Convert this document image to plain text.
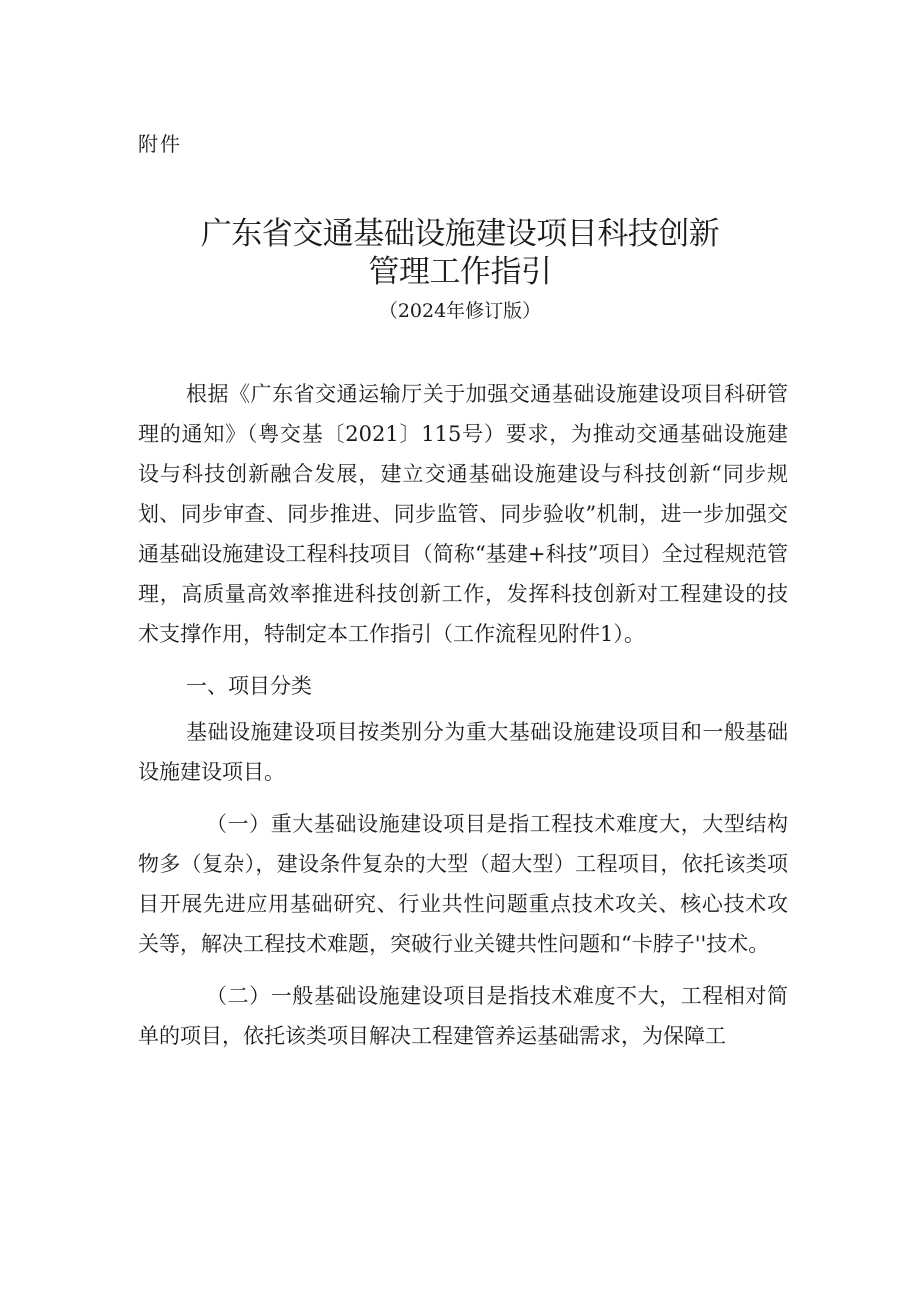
附件
广东省交通基础设施建设项目科技创新
管理工作指引
（2024年修订版）

根据《广东省交通运输厅关于加强交通基础设施建设项目科研管理的通知》（粤交基〔2021〕115号）要求，为推动交通基础设施建设与科技创新融合发展，建立交通基础设施建设与科技创新“同步规划、同步审查、同步推进、同步监管、同步验收”机制，进一步加强交通基础设施建设工程科技项目（简称“基建+科技”项目）全过程规范管理，高质量高效率推进科技创新工作，发挥科技创新对工程建设的技术支撑作用，特制定本工作指引（工作流程见附件1）。

一、项目分类

基础设施建设项目按类别分为重大基础设施建设项目和一般基础设施建设项目。

（一）重大基础设施建设项目是指工程技术难度大，大型结构物多（复杂），建设条件复杂的大型（超大型）工程项目，依托该类项目开展先进应用基础研究、行业共性问题重点技术攻关、核心技术攻关等，解决工程技术难题，突破行业关键共性问题和“卡脖子''技术。

（二）一般基础设施建设项目是指技术难度不大，工程相对简单的项目，依托该类项目解决工程建管养运基础需求，为保障工
